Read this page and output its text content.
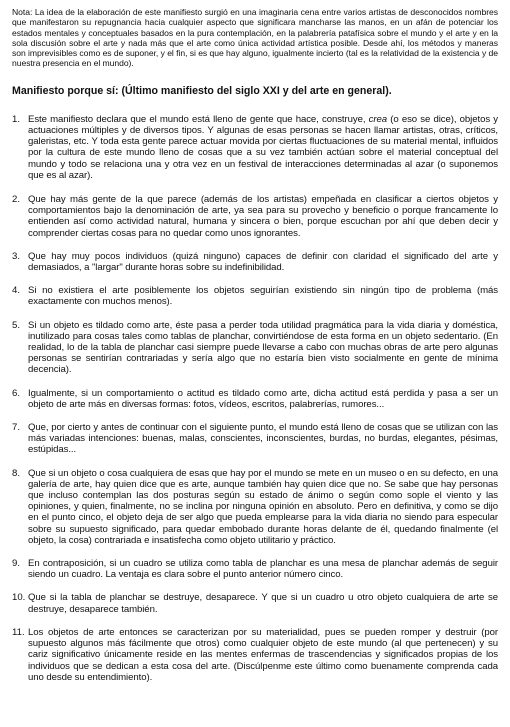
Nota: La idea de la elaboración de este manifiesto surgió en una imaginaria cena entre varios artistas de desconocidos nombres que manifestaron su repugnancia hacia cualquier aspecto que significara mancharse las manos, en un afán de potenciar los estados mentales y conceptuales basados en la pura contemplación, en la palabrería patafísica sobre el mundo y el arte y en la sola discusión sobre el arte y nada más que el arte como única actividad artística posible. Desde ahí, los métodos y maneras son imprevisibles como es de suponer, y el fin, si es que hay alguno, igualmente incierto (tal es la relatividad de la existencia y de nuestra presencia en el mundo).

Manifiesto porque sí: (Último manifiesto del siglo XXI y del arte en general).
1. Este manifiesto declara que el mundo está lleno de gente que hace, construye, crea (o eso se dice), objetos y actuaciones múltiples y de diversos tipos. Y algunas de esas personas se hacen llamar artistas, otras, críticos, galeristas, etc. Y toda esta gente parece actuar movida por ciertas fluctuaciones de su material mental, influidos por la cultura de este mundo lleno de cosas que a su vez también actúan sobre el material conceptual del mundo y todo se relaciona una y otra vez en un festival de interacciones determinadas al azar (o suponemos que es al azar).
2. Que hay más gente de la que parece (además de los artistas) empeñada en clasificar a ciertos objetos y comportamientos bajo la denominación de arte, ya sea para su provecho y beneficio o porque francamente lo entienden así como actividad natural, humana y sincera o bien, porque escuchan por ahí que deben decir y comprender ciertas cosas para no quedar como unos ignorantes.
3. Que hay muy pocos individuos (quizá ninguno) capaces de definir con claridad el significado del arte y demasiados, a "largar" durante horas sobre su indefinibilidad.
4. Si no existiera el arte posiblemente los objetos seguirían existiendo sin ningún tipo de problema (más exactamente con muchos menos).
5. Si un objeto es tildado como arte, éste pasa a perder toda utilidad pragmática para la vida diaria y doméstica, inutilizado para cosas tales como tablas de planchar, convirtiéndose de esta forma en un objeto sedentario. (En realidad, lo de la tabla de planchar casi siempre puede llevarse a cabo con muchas obras de arte pero algunas personas se sentirían contrariadas y sería algo que no estaría bien visto socialmente en gente de mínima decencia).
6. Igualmente, si un comportamiento o actitud es tildado como arte, dicha actitud está perdida y pasa a ser un objeto de arte más en diversas formas: fotos, vídeos, escritos, palabrerías, rumores...
7. Que, por cierto y antes de continuar con el siguiente punto, el mundo está lleno de cosas que se utilizan con las más variadas intenciones: buenas, malas, conscientes, inconscientes, burdas, no burdas, elegantes, pésimas, estúpidas...
8. Que si un objeto o cosa cualquiera de esas que hay por el mundo se mete en un museo o en su defecto, en una galería de arte, hay quien dice que es arte, aunque también hay quien dice que no. Se sabe que hay personas que incluso contemplan las dos posturas según su estado de ánimo o según como sople el viento y las opiniones, y quien, finalmente, no se inclina por ninguna opinión en absoluto. Pero en definitiva, y como se dijo en el punto cinco, el objeto deja de ser algo que pueda emplearse para la vida diaria no siendo para especular sobre su supuesto significado, para quedar embobado durante horas delante de él, quedando finalmente (el objeto, la cosa) contrariada e insatisfecha como objeto utilitario y práctico.
9. En contraposición, si un cuadro se utiliza como tabla de planchar es una mesa de planchar además de seguir siendo un cuadro. La ventaja es clara sobre el punto anterior número cinco.
10. Que si la tabla de planchar se destruye, desaparece. Y que si un cuadro u otro objeto cualquiera de arte se destruye, desaparece también.
11. Los objetos de arte entonces se caracterizan por su materialidad, pues se pueden romper y destruir (por supuesto algunos más fácilmente que otros) como cualquier objeto de este mundo (al que pertenecen) y su cariz significativo únicamente reside en las mentes enfermas de trascendencias y significados propias de los individuos que se dedican a esta cosa del arte. (Discúlpenme este último como buenamente comprenda cada uno desde su entendimiento).
